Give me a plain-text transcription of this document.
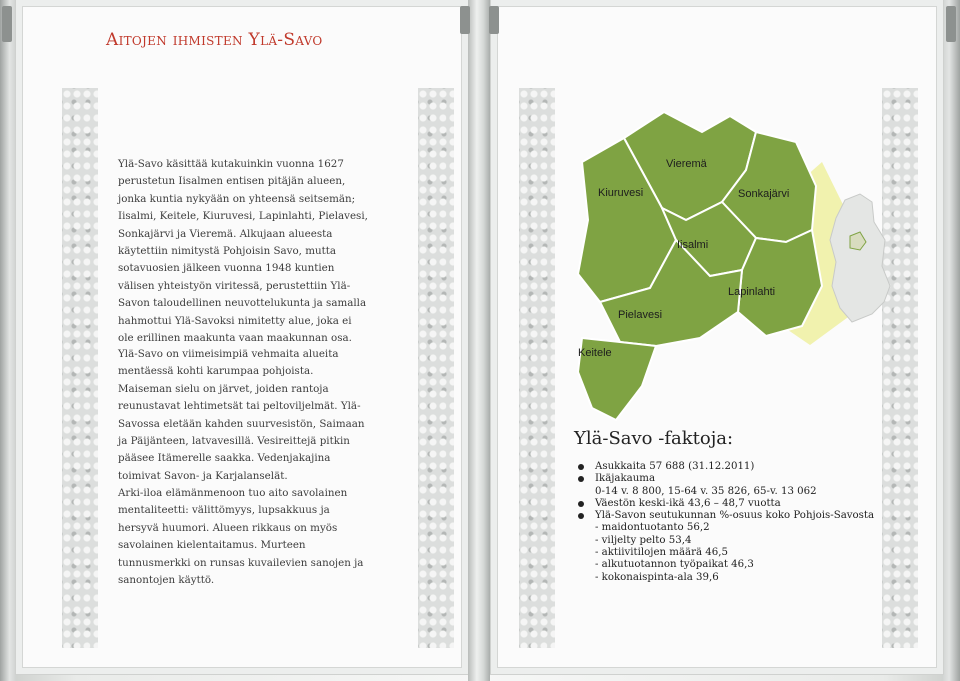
Aitojen ihmisten Ylä-Savo

Ylä-Savo käsittää kutakuinkin vuonna 1627 perustetun Iisalmen entisen pitäjän alueen, jonka kuntia nykyään on yhteensä seitsemän; Iisalmi, Keitele, Kiuruvesi, Lapinlahti, Pielavesi, Sonkajärvi ja Vieremä. Alkujaan alueesta käytettiin nimitystä Pohjoisin Savo, mutta sotavuosien jälkeen vuonna 1948 kuntien välisen yhteistyön viritessä, perustettiin Ylä-Savon taloudellinen neuvottelukunta ja samalla hahmottui Ylä-Savoksi nimitetty alue, joka ei ole erillinen maakunta vaan maakunnan osa.

Ylä-Savo on viimeisimpiä vehmaita alueita mentäessä kohti karumpaa pohjoista. Maiseman sielu on järvet, joiden rantoja reunustavat lehtimetsät tai peltoviljelmät. Ylä-Savossa eletään kahden suurvesistön, Saimaan ja Päijänteen, latvavesillä. Vesireittejä pitkin pääsee Itämerelle saakka. Vedenjakajina toimivat Savon- ja Karjalanselät.

Arki-iloa elämänmenoon tuo aito savolainen mentaliteetti: välittömyys, lupsakkuus ja hersyvä huumori. Alueen rikkaus on myös savolainen kielentaitamus. Murteen tunnusmerkki on runsas kuvailevien sanojen ja sanontojen käyttö.

Vieremä
Kiuruvesi	Sonkajärvi
Iisalmi
Lapinlahti
Pielavesi
Keitele
Ylä-Savo -faktoja:
Asukkaita 57 688 (31.12.2011)
Ikäjakauma
0-14 v. 8 800, 15-64 v. 35 826, 65-v. 13 062
Väestön keski-ikä 43,6 – 48,7 vuotta
Ylä-Savon seutukunnan %-osuus koko Pohjois-Savosta
- maidontuotanto 56,2
- viljelty pelto 53,4
- aktiivitilojen määrä 46,5
- alkutuotannon työpaikat 46,3
- kokonaispinta-ala 39,6
